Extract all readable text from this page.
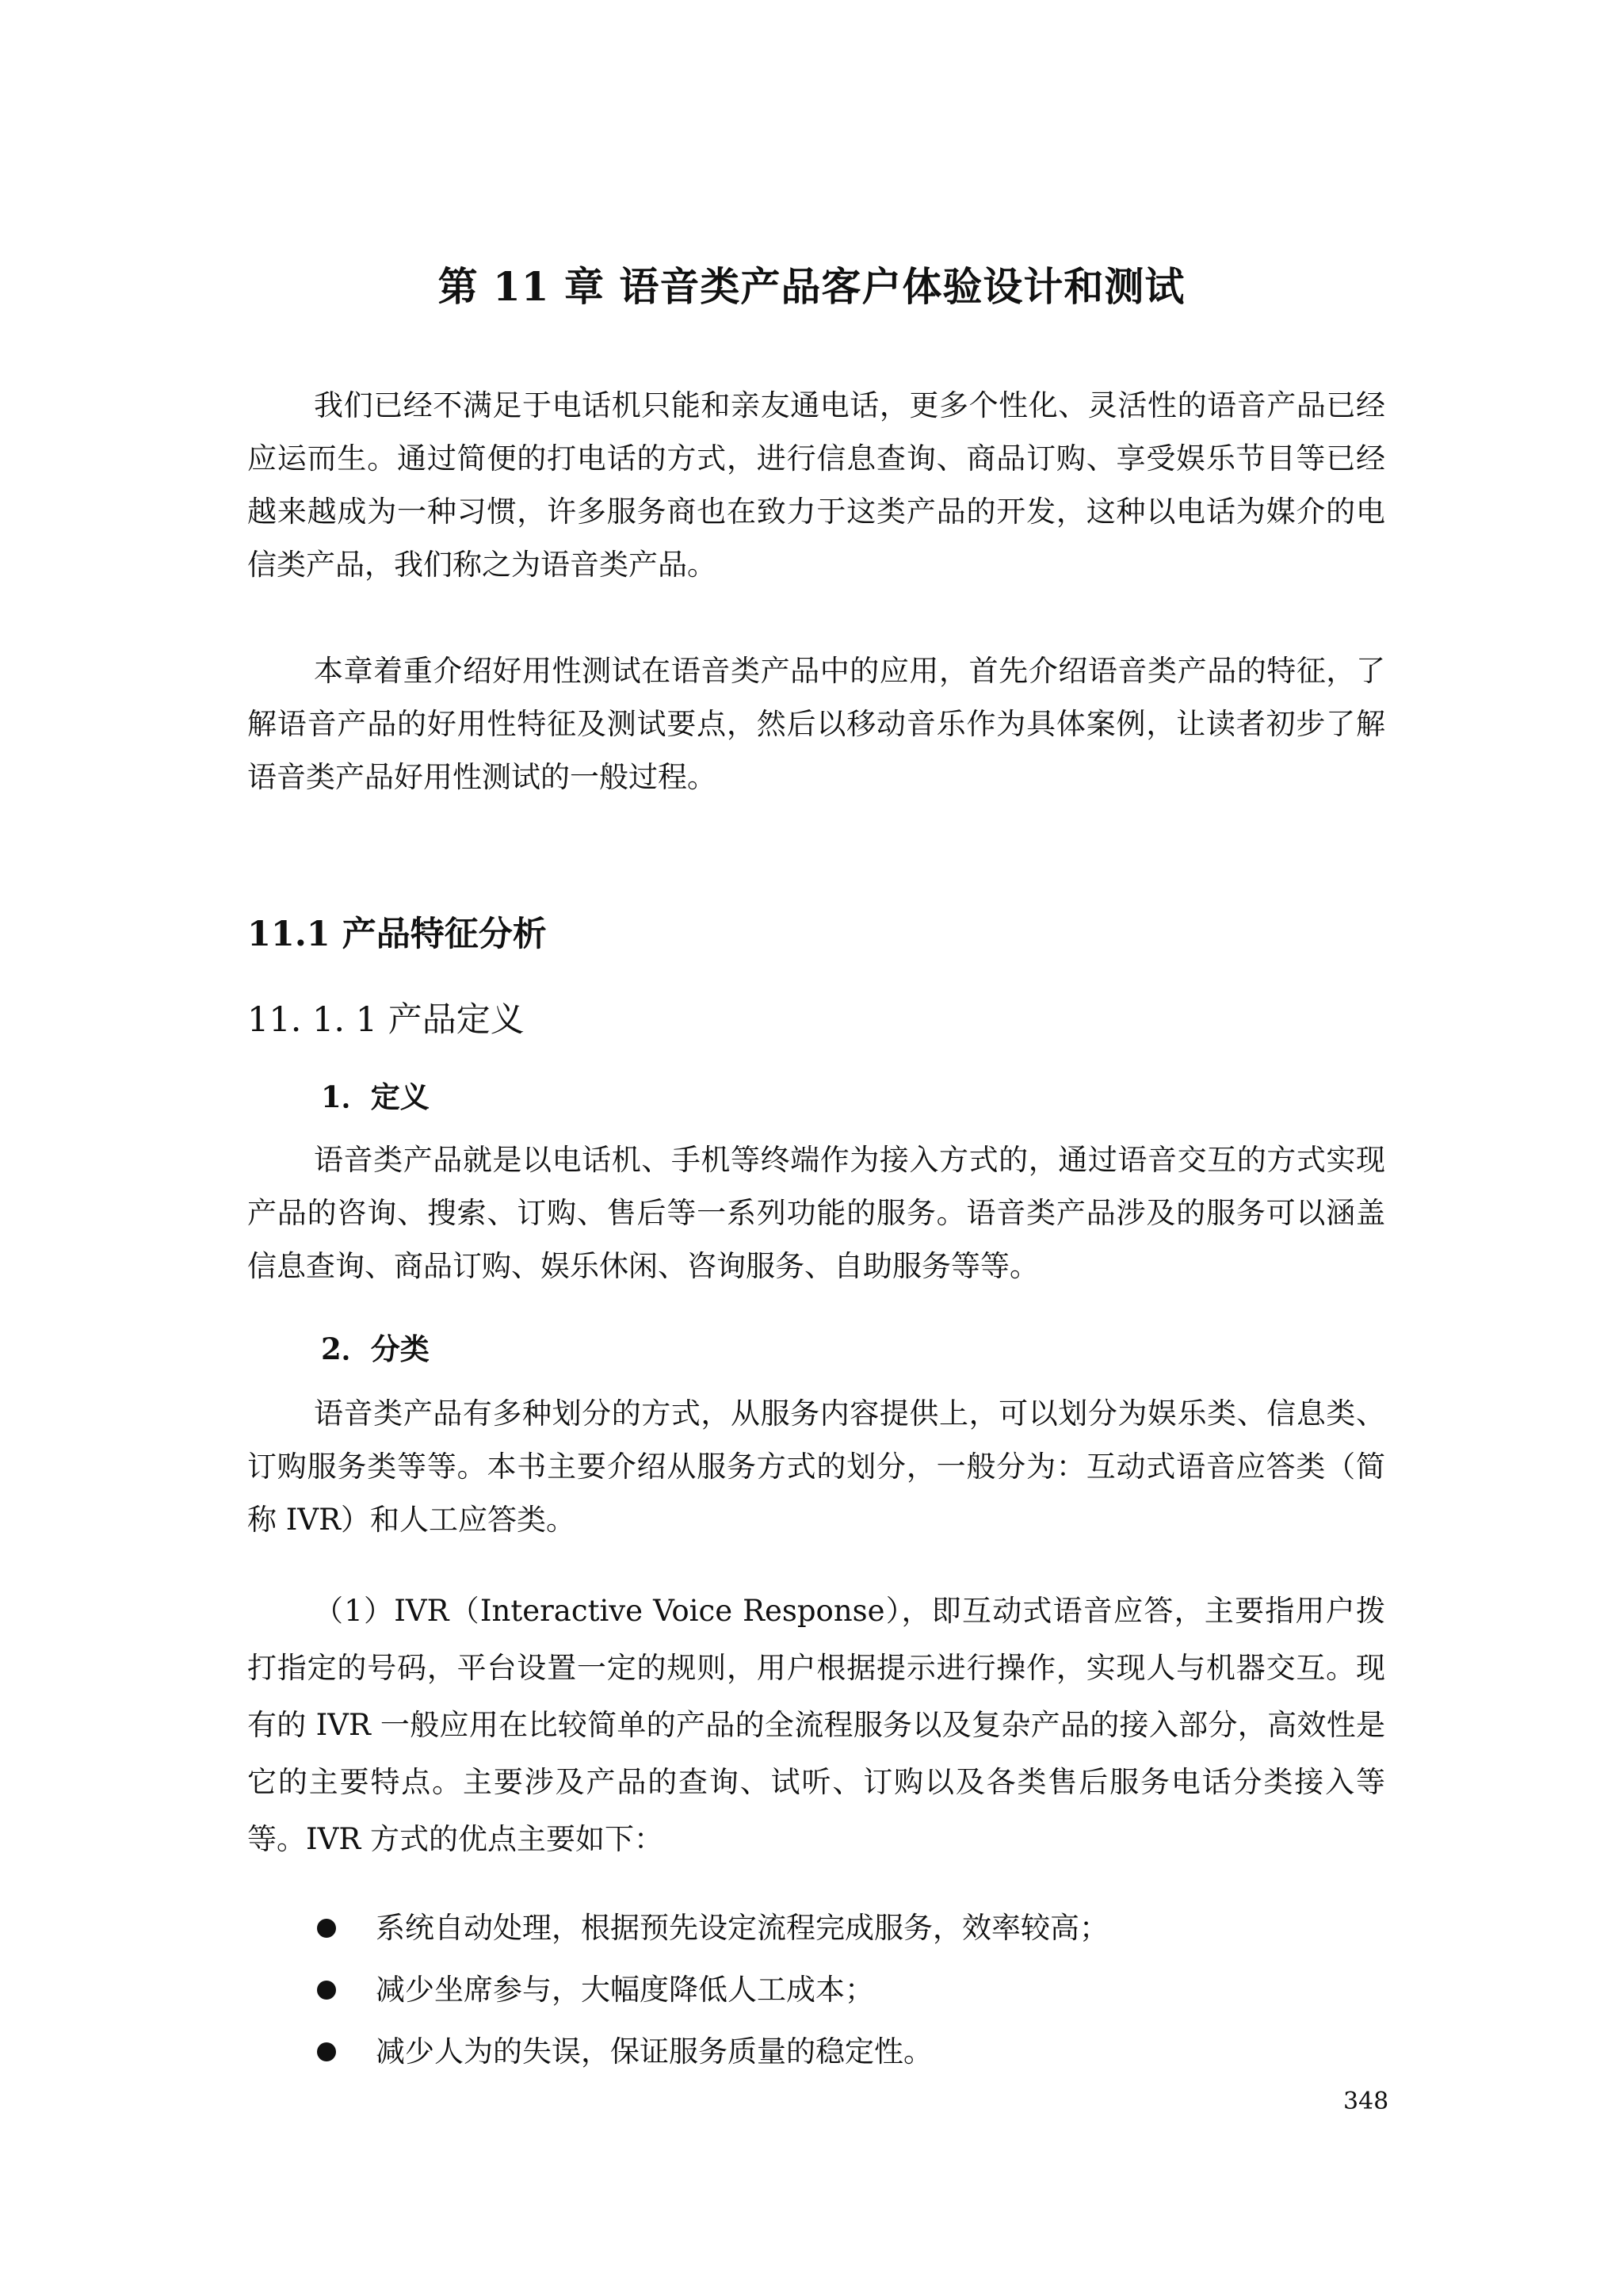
第 11 章 语音类产品客户体验设计和测试

我们已经不满足于电话机只能和亲友通电话，更多个性化、灵活性的语音产品已经应运而生。通过简便的打电话的方式，进行信息查询、商品订购、享受娱乐节目等已经越来越成为一种习惯，许多服务商也在致力于这类产品的开发，这种以电话为媒介的电信类产品，我们称之为语音类产品。

本章着重介绍好用性测试在语音类产品中的应用，首先介绍语音类产品的特征，了解语音产品的好用性特征及测试要点，然后以移动音乐作为具体案例，让读者初步了解语音类产品好用性测试的一般过程。

11.1 产品特征分析
11. 1. 1 产品定义
1．定义

语音类产品就是以电话机、手机等终端作为接入方式的，通过语音交互的方式实现产品的咨询、搜索、订购、售后等一系列功能的服务。语音类产品涉及的服务可以涵盖信息查询、商品订购、娱乐休闲、咨询服务、自助服务等等。

2．分类

语音类产品有多种划分的方式，从服务内容提供上，可以划分为娱乐类、信息类、订购服务类等等。本书主要介绍从服务方式的划分，一般分为：互动式语音应答类（简称 IVR）和人工应答类。

（1）IVR（Interactive Voice Response），即互动式语音应答，主要指用户拨打指定的号码，平台设置一定的规则，用户根据提示进行操作，实现人与机器交互。现有的 IVR 一般应用在比较简单的产品的全流程服务以及复杂产品的接入部分，高效性是它的主要特点。主要涉及产品的查询、试听、订购以及各类售后服务电话分类接入等等。IVR 方式的优点主要如下：

系统自动处理，根据预先设定流程完成服务，效率较高；
减少坐席参与，大幅度降低人工成本；
减少人为的失误，保证服务质量的稳定性。
348
